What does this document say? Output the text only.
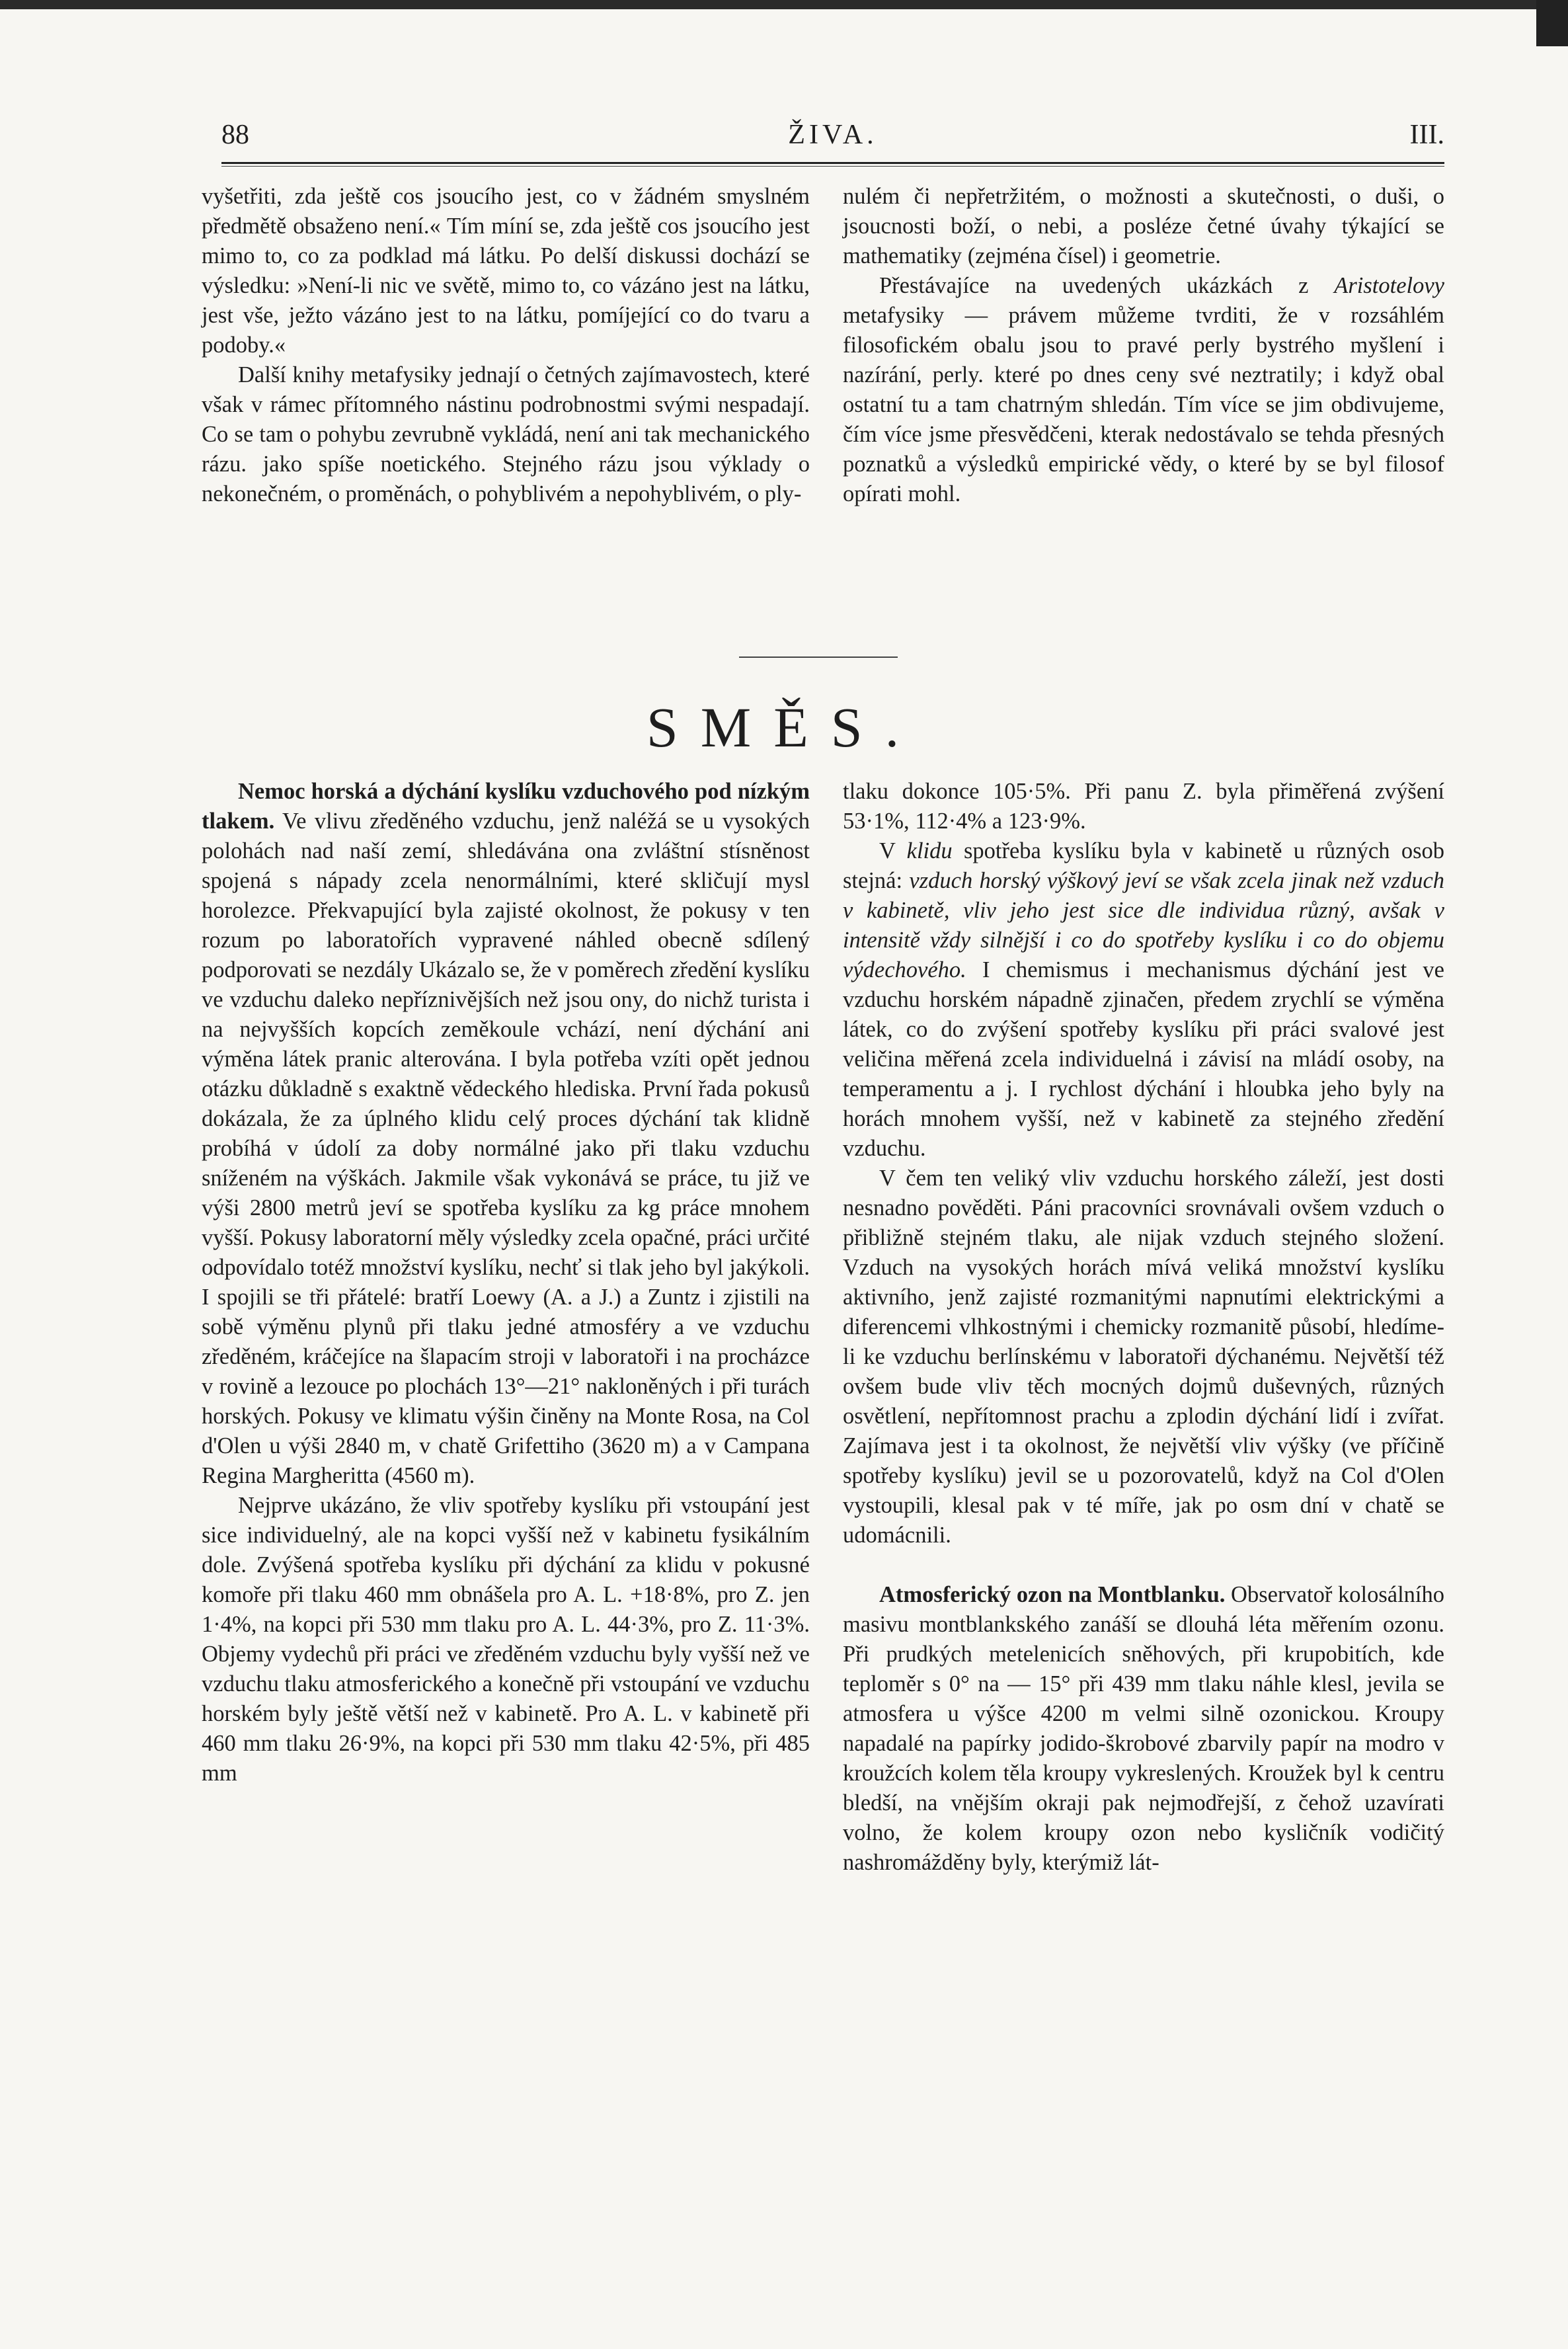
88	ŽIVA.	III.

vyšetřiti, zda ještě cos jsoucího jest, co v žádném smyslném předmětě obsaženo není.« Tím míní se, zda ještě cos jsoucího jest mimo to, co za podklad má látku. Po delší diskussi dochází se výsledku: »Není-li nic ve světě, mimo to, co vázáno jest na látku, jest vše, ježto vázáno jest to na látku, pomíjející co do tvaru a podoby.«

Další knihy metafysiky jednají o četných zajímavostech, které však v rámec přítomného nástinu podrobnostmi svými nespadají. Co se tam o pohybu zevrubně vykládá, není ani tak mechanického rázu. jako spíše noetického. Stejného rázu jsou výklady o nekonečném, o proměnách, o pohyblivém a nepohyblivém, o ply-

nulém či nepřetržitém, o možnosti a skutečnosti, o duši, o jsoucnosti boží, o nebi, a posléze četné úvahy týkající se mathematiky (zejména čísel) i geometrie.

Přestávajíce na uvedených ukázkách z Aristotelovy metafysiky — právem můžeme tvrditi, že v rozsáhlém filosofickém obalu jsou to pravé perly bystrého myšlení i nazírání, perly. které po dnes ceny své neztratily; i když obal ostatní tu a tam chatrným shledán. Tím více se jim obdivujeme, čím více jsme přesvědčeni, kterak nedostávalo se tehda přesných poznatků a výsledků empirické vědy, o které by se byl filosof opírati mohl.

SMĚS.

Nemoc horská a dýchání kyslíku vzduchového pod nízkým tlakem. Ve vlivu zředěného vzduchu, jenž naléžá se u vysokých polohách nad naší zemí, shledávána ona zvláštní stísněnost spojená s nápady zcela nenormálními, které skličují mysl horolezce. Překvapující byla zajisté okolnost, že pokusy v ten rozum po laboratořích vypravené náhled obecně sdílený podporovati se nezdály Ukázalo se, že v poměrech zředění kyslíku ve vzduchu daleko nepříznivějších než jsou ony, do nichž turista i na nejvyšších kopcích zeměkoule vchází, není dýchání ani výměna látek pranic alterována. I byla potřeba vzíti opět jednou otázku důkladně s exaktně vědeckého hlediska. První řada pokusů dokázala, že za úplného klidu celý proces dýchání tak klidně probíhá v údolí za doby normálné jako při tlaku vzduchu sníženém na výškách. Jakmile však vykonává se práce, tu již ve výši 2800 metrů jeví se spotřeba kyslíku za kg práce mnohem vyšší. Pokusy laboratorní měly výsledky zcela opačné, práci určité odpovídalo totéž množství kyslíku, nechť si tlak jeho byl jakýkoli. I spojili se tři přátelé: bratří Loewy (A. a J.) a Zuntz i zjistili na sobě výměnu plynů při tlaku jedné atmosféry a ve vzduchu zředěném, kráčejíce na šlapacím stroji v laboratoři i na procházce v rovině a lezouce po plochách 13°—21° nakloněných i při turách horských. Pokusy ve klimatu výšin činěny na Monte Rosa, na Col d'Olen u výši 2840 m, v chatě Grifettiho (3620 m) a v Campana Regina Margheritta (4560 m).

Nejprve ukázáno, že vliv spotřeby kyslíku při vstoupání jest sice individuelný, ale na kopci vyšší než v kabinetu fysikálním dole. Zvýšená spotřeba kyslíku při dýchání za klidu v pokusné komoře při tlaku 460 mm obnášela pro A. L. +18·8%, pro Z. jen 1·4%, na kopci při 530 mm tlaku pro A. L. 44·3%, pro Z. 11·3%. Objemy vydechů při práci ve zředěném vzduchu byly vyšší než ve vzduchu tlaku atmosferického a konečně při vstoupání ve vzduchu horském byly ještě větší než v kabinetě. Pro A. L. v kabinetě při 460 mm tlaku 26·9%, na kopci při 530 mm tlaku 42·5%, při 485 mm

tlaku dokonce 105·5%. Při panu Z. byla přiměřená zvýšení 53·1%, 112·4% a 123·9%.

V klidu spotřeba kyslíku byla v kabinetě u různých osob stejná: vzduch horský výškový jeví se však zcela jinak než vzduch v kabinetě, vliv jeho jest sice dle individua různý, avšak v intensitě vždy silnější i co do spotřeby kyslíku i co do objemu výdechového. I chemismus i mechanismus dýchání jest ve vzduchu horském nápadně zjinačen, předem zrychlí se výměna látek, co do zvýšení spotřeby kyslíku při práci svalové jest veličina měřená zcela individuelná i závisí na mládí osoby, na temperamentu a j. I rychlost dýchání i hloubka jeho byly na horách mnohem vyšší, než v kabinetě za stejného zředění vzduchu.

V čem ten veliký vliv vzduchu horského záleží, jest dosti nesnadno pověděti. Páni pracovníci srovnávali ovšem vzduch o přibližně stejném tlaku, ale nijak vzduch stejného složení. Vzduch na vysokých horách mívá veliká množství kyslíku aktivního, jenž zajisté rozmanitými napnutími elektrickými a diferencemi vlhkostnými i chemicky rozmanitě působí, hledíme-li ke vzduchu berlínskému v laboratoři dýchanému. Největší též ovšem bude vliv těch mocných dojmů duševných, různých osvětlení, nepřítomnost prachu a zplodin dýchání lidí i zvířat. Zajímava jest i ta okolnost, že největší vliv výšky (ve příčině spotřeby kyslíku) jevil se u pozorovatelů, když na Col d'Olen vystoupili, klesal pak v té míře, jak po osm dní v chatě se udomácnili.

Atmosferický ozon na Montblanku. Observatoř kolosálního masivu montblankského zanáší se dlouhá léta měřením ozonu. Při prudkých metelenicích sněhových, při krupobitích, kde teploměr s 0° na — 15° při 439 mm tlaku náhle klesl, jevila se atmosfera u výšce 4200 m velmi silně ozonickou. Kroupy napadalé na papírky jodido-škrobové zbarvily papír na modro v kroužcích kolem těla kroupy vykreslených. Kroužek byl k centru bledší, na vnějším okraji pak nejmodřejší, z čehož uzavírati volno, že kolem kroupy ozon nebo kysličník vodičitý nashromážděny byly, kterýmiž lát-
